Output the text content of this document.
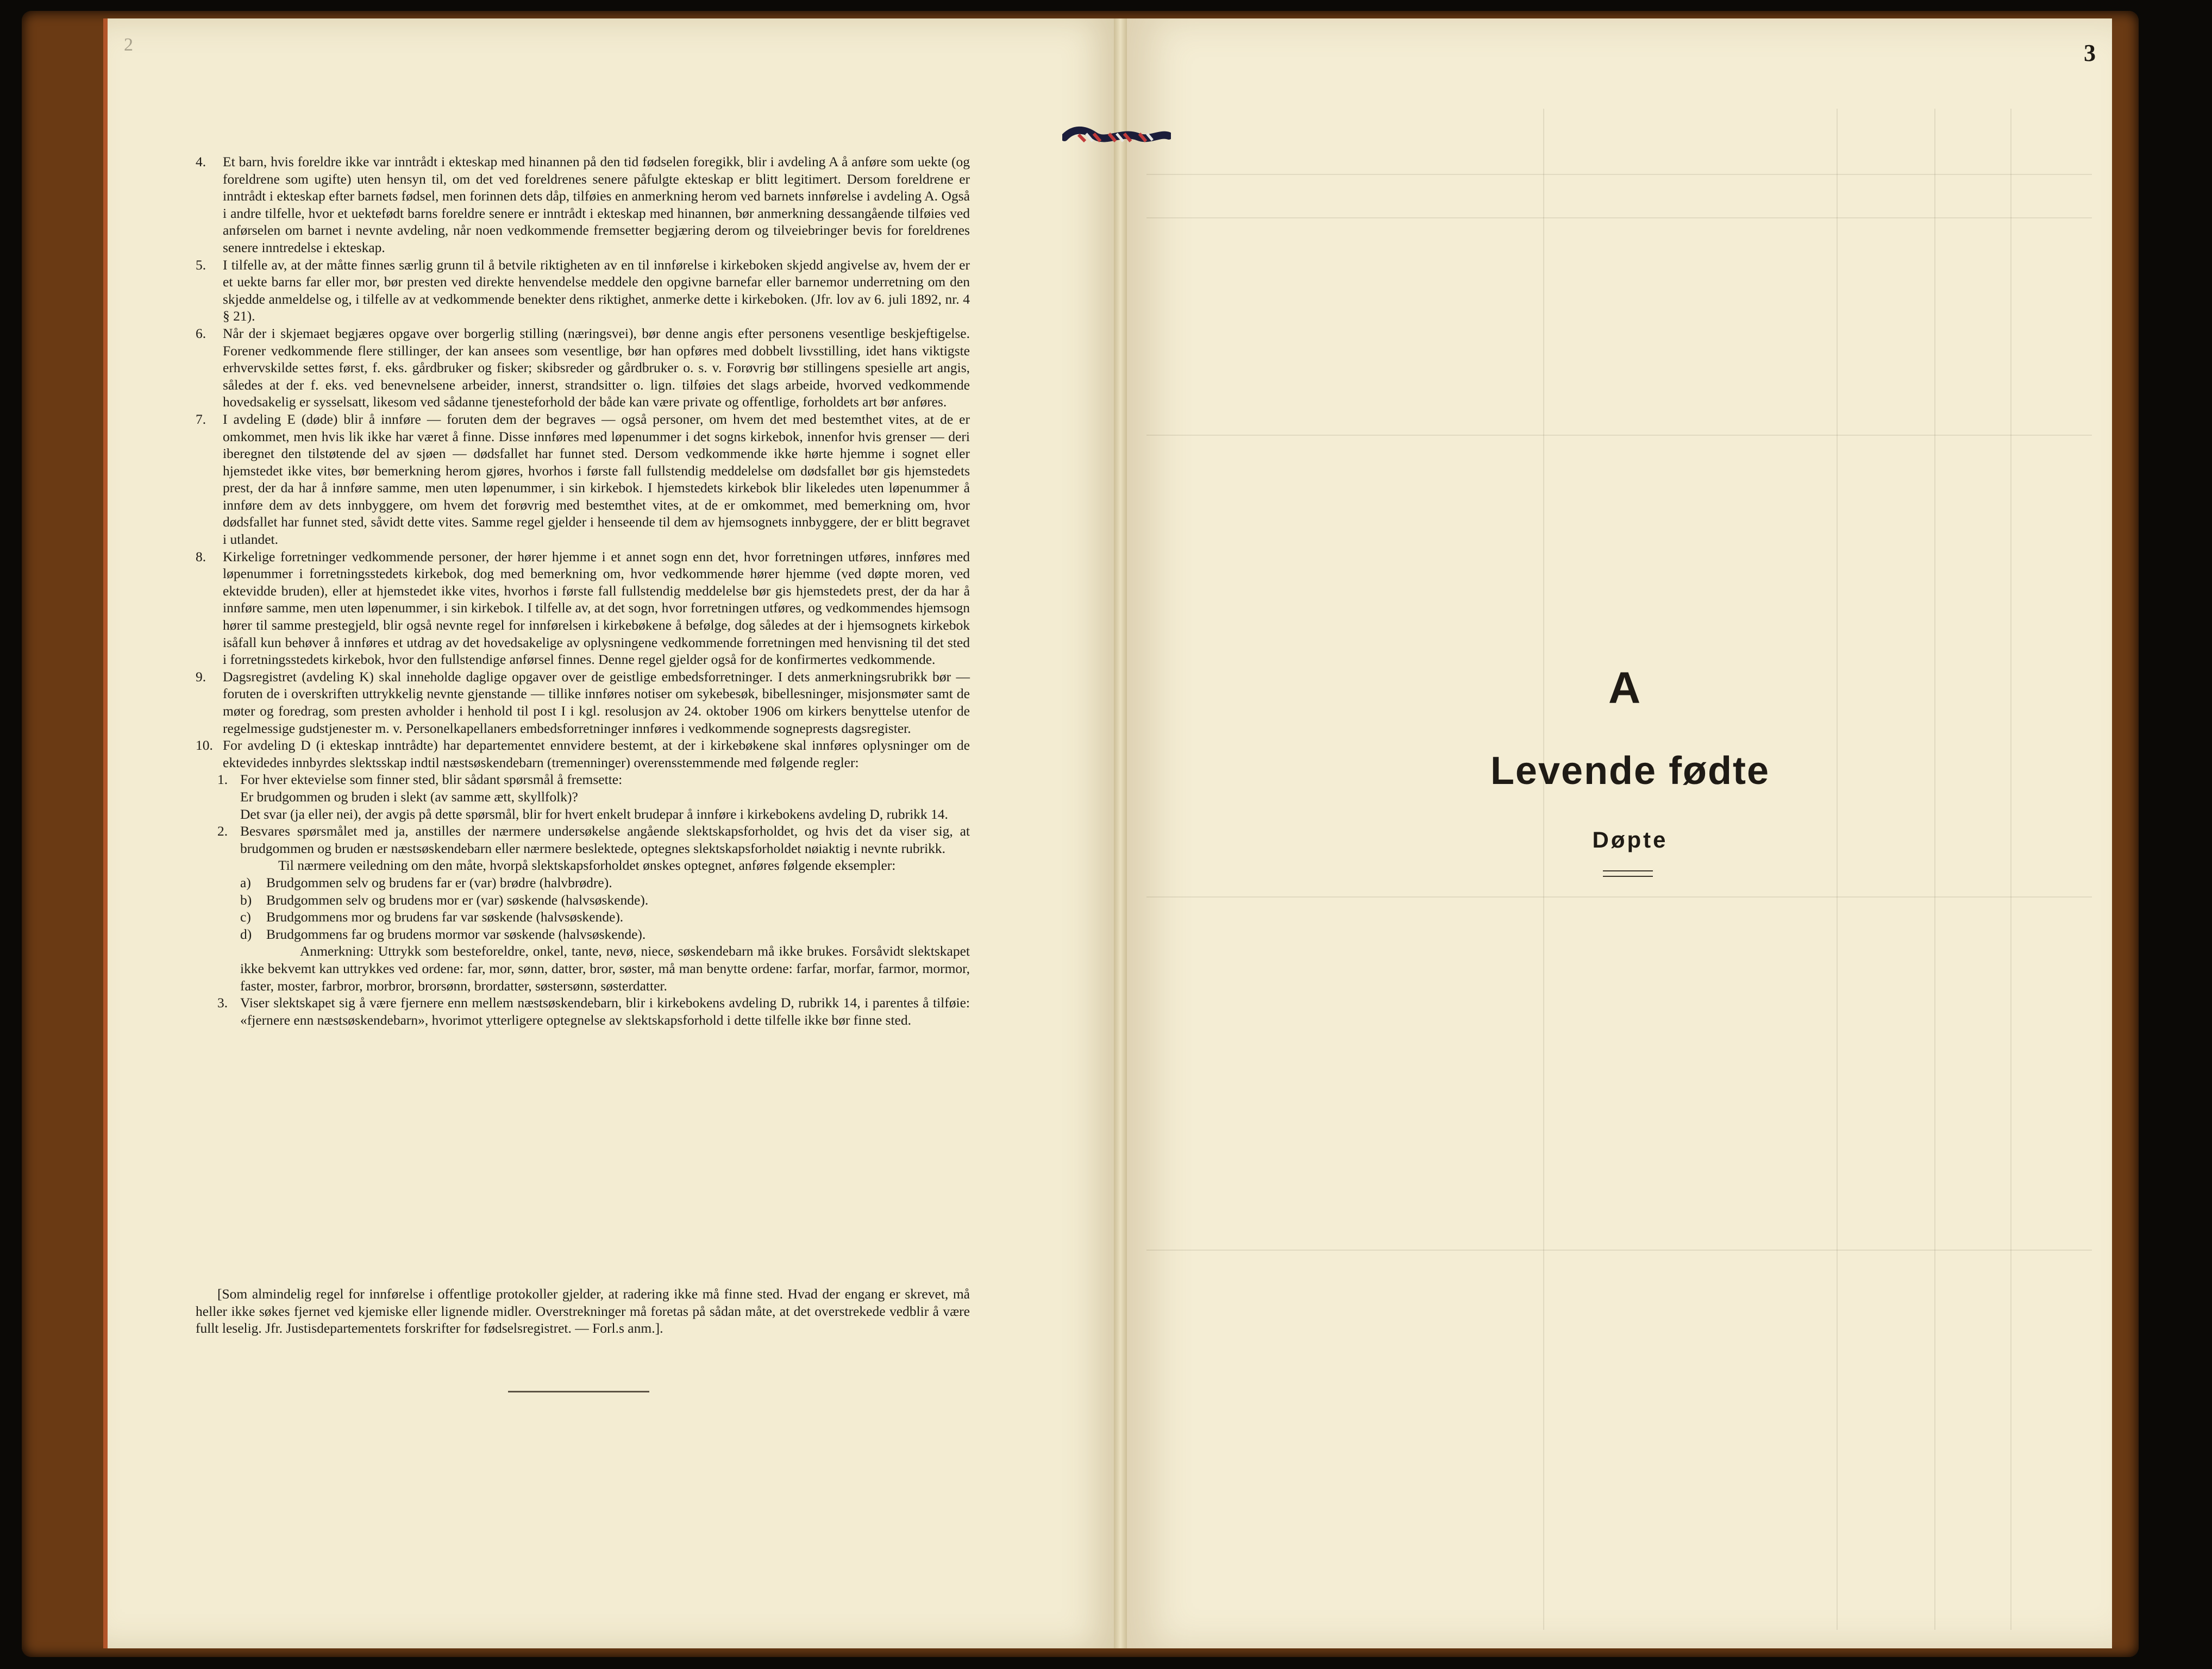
2	3

4. Et barn, hvis foreldre ikke var inntrådt i ekteskap med hinannen på den tid fødselen foregikk, blir i avdeling A å anføre som uekte (og foreldrene som ugifte) uten hensyn til, om det ved foreldrenes senere påfulgte ekteskap er blitt legitimert. Dersom foreldrene er inntrådt i ekteskap efter barnets fødsel, men forinnen dets dåp, tilføies en anmerkning herom ved barnets innførelse i avdeling A. Også i andre tilfelle, hvor et uektefødt barns foreldre senere er inntrådt i ekteskap med hinannen, bør anmerkning dessangående tilføies ved anførselen om barnet i nevnte avdeling, når noen vedkommende fremsetter begjæring derom og tilveiebringer bevis for foreldrenes senere inntredelse i ekteskap.

5. I tilfelle av, at der måtte finnes særlig grunn til å betvile riktigheten av en til innførelse i kirkeboken skjedd angivelse av, hvem der er et uekte barns far eller mor, bør presten ved direkte henvendelse meddele den opgivne barnefar eller barnemor underretning om den skjedde anmeldelse og, i tilfelle av at vedkommende benekter dens riktighet, anmerke dette i kirkeboken. (Jfr. lov av 6. juli 1892, nr. 4 § 21).

6. Når der i skjemaet begjæres opgave over borgerlig stilling (næringsvei), bør denne angis efter personens vesentlige beskjeftigelse. Forener vedkommende flere stillinger, der kan ansees som vesentlige, bør han opføres med dobbelt livsstilling, idet hans viktigste erhvervskilde settes først, f. eks. gårdbruker og fisker; skibsreder og gårdbruker o. s. v. Forøvrig bør stillingens spesielle art angis, således at der f. eks. ved benevnelsene arbeider, innerst, strandsitter o. lign. tilføies det slags arbeide, hvorved vedkommende hovedsakelig er sysselsatt, likesom ved sådanne tjenesteforhold der både kan være private og offentlige, forholdets art bør anføres.

7. I avdeling E (døde) blir å innføre — foruten dem der begraves — også personer, om hvem det med bestemthet vites, at de er omkommet, men hvis lik ikke har været å finne. Disse innføres med løpenummer i det sogns kirkebok, innenfor hvis grenser — deri iberegnet den tilstøtende del av sjøen — dødsfallet har funnet sted. Dersom vedkommende ikke hørte hjemme i sognet eller hjemstedet ikke vites, bør bemerkning herom gjøres, hvorhos i første fall fullstendig meddelelse om dødsfallet bør gis hjemstedets prest, der da har å innføre samme, men uten løpenummer, i sin kirkebok. I hjemstedets kirkebok blir likeledes uten løpenummer å innføre dem av dets innbyggere, om hvem det forøvrig med bestemthet vites, at de er omkommet, med bemerkning om, hvor dødsfallet har funnet sted, såvidt dette vites. Samme regel gjelder i henseende til dem av hjemsognets innbyggere, der er blitt begravet i utlandet.

8. Kirkelige forretninger vedkommende personer, der hører hjemme i et annet sogn enn det, hvor forretningen utføres, innføres med løpenummer i forretningsstedets kirkebok, dog med bemerkning om, hvor vedkommende hører hjemme (ved døpte moren, ved ektevidde bruden), eller at hjemstedet ikke vites, hvorhos i første fall fullstendig meddelelse bør gis hjemstedets prest, der da har å innføre samme, men uten løpenummer, i sin kirkebok. I tilfelle av, at det sogn, hvor forretningen utføres, og vedkommendes hjemsogn hører til samme prestegjeld, blir også nevnte regel for innførelsen i kirkebøkene å befølge, dog således at der i hjemsognets kirkebok isåfall kun behøver å innføres et utdrag av det hovedsakelige av oplysningene vedkommende forretningen med henvisning til det sted i forretningsstedets kirkebok, hvor den fullstendige anførsel finnes. Denne regel gjelder også for de konfirmertes vedkommende.

9. Dagsregistret (avdeling K) skal inneholde daglige opgaver over de geistlige embedsforretninger. I dets anmerkningsrubrikk bør — foruten de i overskriften uttrykkelig nevnte gjenstande — tillike innføres notiser om sykebesøk, bibellesninger, misjonsmøter samt de møter og foredrag, som presten avholder i henhold til post I i kgl. resolusjon av 24. oktober 1906 om kirkers benyttelse utenfor de regelmessige gudstjenester m. v. Personelkapellaners embedsforretninger innføres i vedkommende sogneprests dagsregister.

10. For avdeling D (i ekteskap inntrådte) har departementet ennvidere bestemt, at der i kirkebøkene skal innføres oplysninger om de ektevidedes innbyrdes slektsskap indtil næstsøskendebarn (tremenninger) overensstemmende med følgende regler:

1. For hver ektevielse som finner sted, blir sådant spørsmål å fremsette:

Er brudgommen og bruden i slekt (av samme ætt, skyllfolk)?

Det svar (ja eller nei), der avgis på dette spørsmål, blir for hvert enkelt brudepar å innføre i kirkebokens avdeling D, rubrikk 14.

2. Besvares spørsmålet med ja, anstilles der nærmere undersøkelse angående slektskapsforholdet, og hvis det da viser sig, at brudgommen og bruden er næstsøskendebarn eller nærmere beslektede, optegnes slektskapsforholdet nøiaktig i nevnte rubrikk.

Til nærmere veiledning om den måte, hvorpå slektskapsforholdet ønskes optegnet, anføres følgende eksempler:

a) Brudgommen selv og brudens far er (var) brødre (halvbrødre).

b) Brudgommen selv og brudens mor er (var) søskende (halvsøskende).

c) Brudgommens mor og brudens far var søskende (halvsøskende).

d) Brudgommens far og brudens mormor var søskende (halvsøskende).

Anmerkning: Uttrykk som besteforeldre, onkel, tante, nevø, niece, søskendebarn må ikke brukes. Forsåvidt slektskapet ikke bekvemt kan uttrykkes ved ordene: far, mor, sønn, datter, bror, søster, må man benytte ordene: farfar, morfar, farmor, mormor, faster, moster, farbror, morbror, brorsønn, brordatter, søstersønn, søsterdatter.

3. Viser slektskapet sig å være fjernere enn mellem næstsøskendebarn, blir i kirkebokens avdeling D, rubrikk 14, i parentes å tilføie: «fjernere enn næstsøskendebarn», hvorimot ytterligere optegnelse av slektskapsforhold i dette tilfelle ikke bør finne sted.

[Som almindelig regel for innførelse i offentlige protokoller gjelder, at radering ikke må finne sted. Hvad der engang er skrevet, må heller ikke søkes fjernet ved kjemiske eller lignende midler. Overstrekninger må foretas på sådan måte, at det overstrekede vedblir å være fullt leselig. Jfr. Justisdepartementets forskrifter for fødselsregistret. — Forl.s anm.].
A
Levende fødte
Døpte
